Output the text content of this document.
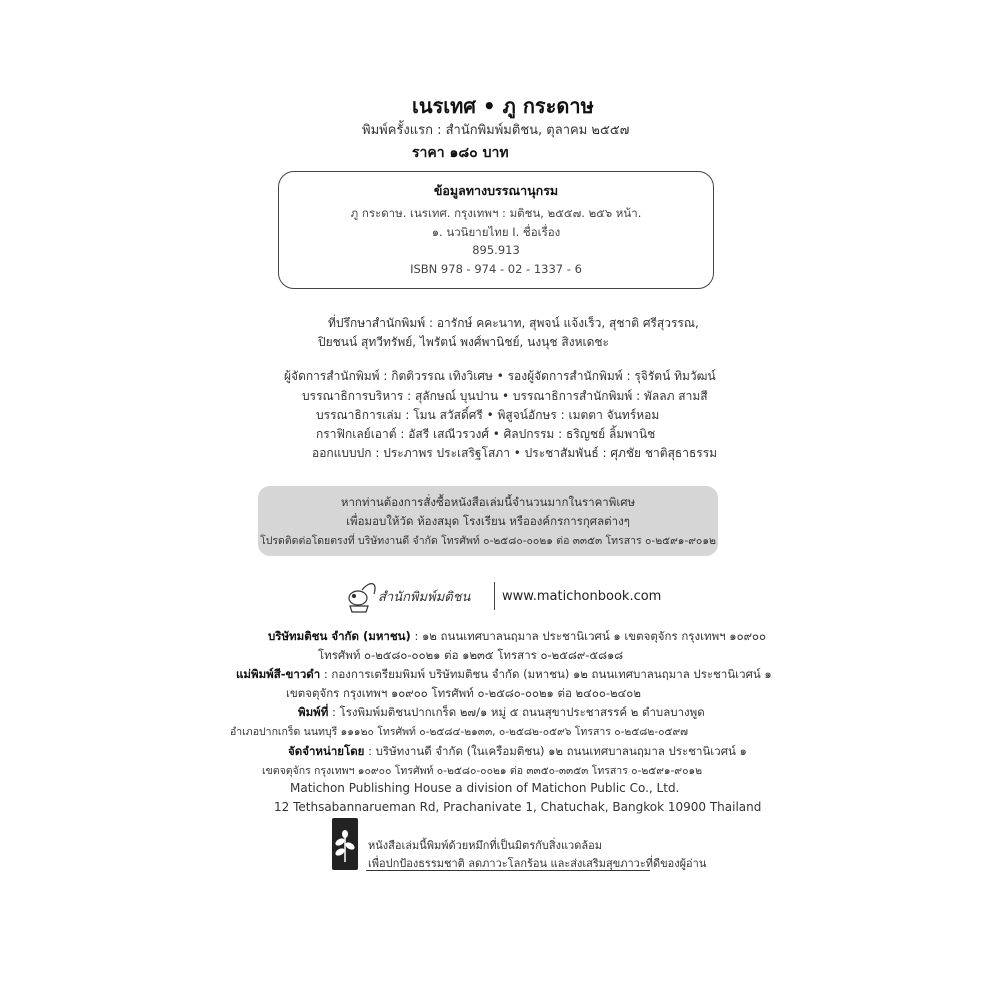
เนรเทศ • ภู กระดาษ
พิมพ์ครั้งแรก : สำนักพิมพ์มติชน, ตุลาคม ๒๕๕๗
ราคา ๑๘๐ บาท
ข้อมูลทางบรรณานุกรม
ภู กระดาษ. เนรเทศ. กรุงเทพฯ : มติชน, ๒๕๕๗. ๒๕๖ หน้า.
๑. นวนิยายไทย I. ชื่อเรื่อง
895.913
ISBN 978 - 974 - 02 - 1337 - 6
ที่ปรึกษาสำนักพิมพ์ : อารักษ์ คคะนาท, สุพจน์ แจ้งเร็ว, สุชาติ ศรีสุวรรณ,
ปิยชนน์ สุทวีทรัพย์, ไพรัตน์ พงศ์พานิชย์, นงนุช สิงหเดชะ
ผู้จัดการสำนักพิมพ์ : กิตติวรรณ เทิงวิเศษ • รองผู้จัดการสำนักพิมพ์ : รุจิรัตน์ ทิมวัฒน์
บรรณาธิการบริหาร : สุลักษณ์ บุนปาน • บรรณาธิการสำนักพิมพ์ : พัลลภ สามสี
บรรณาธิการเล่ม : โมน สวัสดิ์ศรี • พิสูจน์อักษร : เมตตา จันทร์หอม
กราฟิกเลย์เอาต์ : อัสรี เสณีวรวงศ์ • ศิลปกรรม : ธริญชย์ ลิ้มพานิช
ออกแบบปก : ประภาพร ประเสริฐโสภา • ประชาสัมพันธ์ : ศุภชัย ชาติสุธาธรรม
หากท่านต้องการสั่งซื้อหนังสือเล่มนี้จำนวนมากในราคาพิเศษ
เพื่อมอบให้วัด ห้องสมุด โรงเรียน หรือองค์กรการกุศลต่างๆ
โปรดติดต่อโดยตรงที่ บริษัทงานดี จำกัด โทรศัพท์ ๐-๒๕๘๐-๐๐๒๑ ต่อ ๓๓๕๓ โทรสาร ๐-๒๕๙๑-๙๐๑๒
สำนักพิมพ์มติชน www.matichonbook.com
บริษัทมติชน จำกัด (มหาชน) : ๑๒ ถนนเทศบาลนฤมาล ประชานิเวศน์ ๑ เขตจตุจักร กรุงเทพฯ ๑๐๙๐๐
โทรศัพท์ ๐-๒๕๘๐-๐๐๒๑ ต่อ ๑๒๓๕ โทรสาร ๐-๒๕๘๙-๕๘๑๘
แม่พิมพ์สี-ขาวดำ : กองการเตรียมพิมพ์ บริษัทมติชน จำกัด (มหาชน) ๑๒ ถนนเทศบาลนฤมาล ประชานิเวศน์ ๑
เขตจตุจักร กรุงเทพฯ ๑๐๙๐๐ โทรศัพท์ ๐-๒๕๘๐-๐๐๒๑ ต่อ ๒๔๐๐-๒๔๐๒
พิมพ์ที่ : โรงพิมพ์มติชนปากเกร็ด ๒๗/๑ หมู่ ๕ ถนนสุขาประชาสรรค์ ๒ ตำบลบางพูด
อำเภอปากเกร็ด นนทบุรี ๑๑๑๒๐ โทรศัพท์ ๐-๒๕๘๔-๒๑๓๓, ๐-๒๕๘๒-๐๕๙๖ โทรสาร ๐-๒๕๘๒-๐๕๙๗
จัดจำหน่ายโดย : บริษัทงานดี จำกัด (ในเครือมติชน) ๑๒ ถนนเทศบาลนฤมาล ประชานิเวศน์ ๑
เขตจตุจักร กรุงเทพฯ ๑๐๙๐๐ โทรศัพท์ ๐-๒๕๘๐-๐๐๒๑ ต่อ ๓๓๕๐-๓๓๕๓ โทรสาร ๐-๒๕๙๑-๙๐๑๒
Matichon Publishing House a division of Matichon Public Co., Ltd.
12 Tethsabannarueman Rd, Prachanivate 1, Chatuchak, Bangkok 10900 Thailand
หนังสือเล่มนี้พิมพ์ด้วยหมึกที่เป็นมิตรกับสิ่งแวดล้อม
เพื่อปกป้องธรรมชาติ ลดภาวะโลกร้อน และส่งเสริมสุขภาวะที่ดีของผู้อ่าน
